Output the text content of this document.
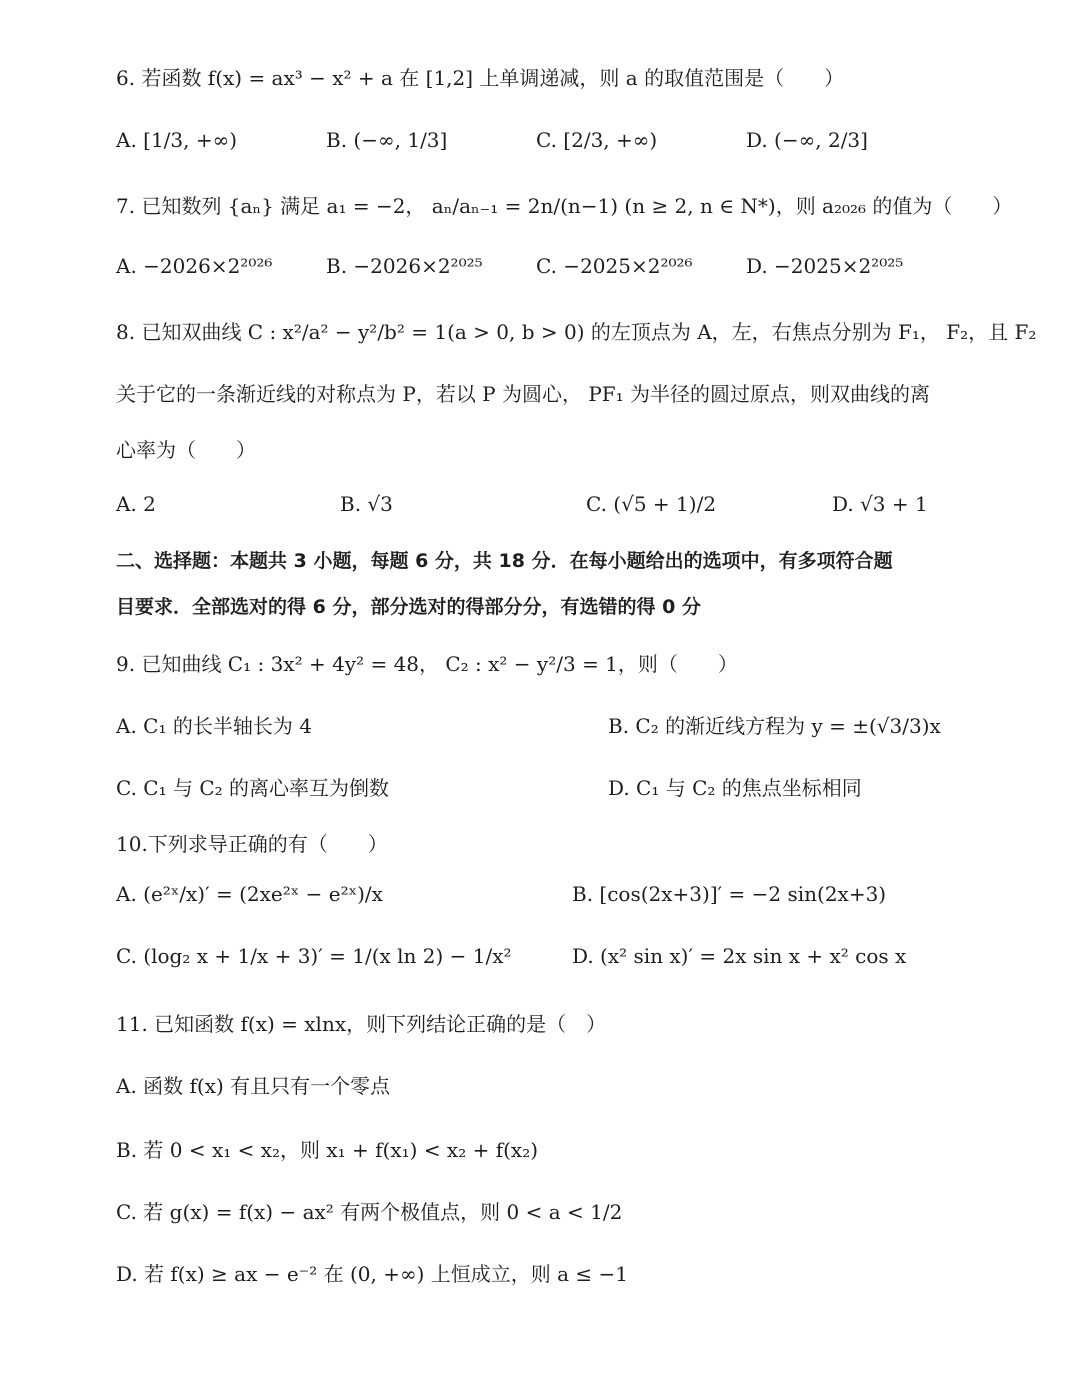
6. 若函数 f(x) = ax³ − x² + a 在 [1,2] 上单调递减，则 a 的取值范围是（　　）
A. [1/3, +∞)	B. (−∞, 1/3]	C. [2/3, +∞)	D. (−∞, 2/3]
7. 已知数列 {aₙ} 满足 a₁ = −2， aₙ/aₙ₋₁ = 2n/(n−1) (n ≥ 2, n ∈ N*)，则 a₂₀₂₆ 的值为（　　）
A. −2026×2²⁰²⁶	B. −2026×2²⁰²⁵	C. −2025×2²⁰²⁶	D. −2025×2²⁰²⁵
8. 已知双曲线 C : x²/a² − y²/b² = 1(a > 0, b > 0) 的左顶点为 A，左，右焦点分别为 F₁， F₂，且 F₂
关于它的一条渐近线的对称点为 P，若以 P 为圆心， PF₁ 为半径的圆过原点，则双曲线的离
心率为（　　）
A. 2	B. √3	C. (√5 + 1)/2	D. √3 + 1
二、选择题：本题共 3 小题，每题 6 分，共 18 分．在每小题给出的选项中，有多项符合题
目要求．全部选对的得 6 分，部分选对的得部分分，有选错的得 0 分
9. 已知曲线 C₁ : 3x² + 4y² = 48， C₂ : x² − y²/3 = 1，则（　　）
A. C₁ 的长半轴长为 4	B. C₂ 的渐近线方程为 y = ±(√3/3)x
C. C₁ 与 C₂ 的离心率互为倒数	D. C₁ 与 C₂ 的焦点坐标相同
10.下列求导正确的有（　　）
A. (e²ˣ/x)′ = (2xe²ˣ − e²ˣ)/x	B. [cos(2x+3)]′ = −2 sin(2x+3)
C. (log₂ x + 1/x + 3)′ = 1/(x ln 2) − 1/x²	D. (x² sin x)′ = 2x sin x + x² cos x
11. 已知函数 f(x) = xlnx，则下列结论正确的是（　）
A. 函数 f(x) 有且只有一个零点
B. 若 0 < x₁ < x₂，则 x₁ + f(x₁) < x₂ + f(x₂)
C. 若 g(x) = f(x) − ax² 有两个极值点，则 0 < a < 1/2
D. 若 f(x) ≥ ax − e⁻² 在 (0, +∞) 上恒成立，则 a ≤ −1
